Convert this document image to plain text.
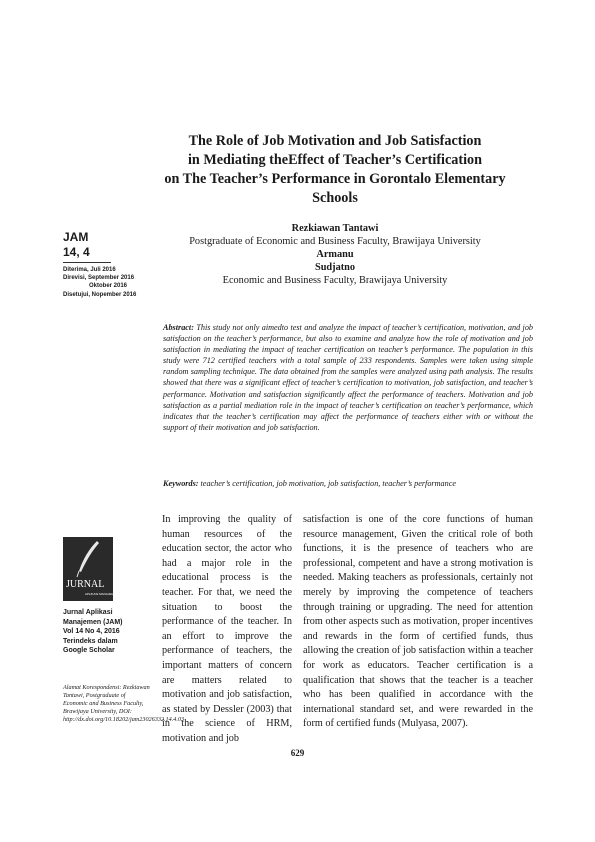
The Role of Job Motivation and Job Satisfaction
in Mediating theEffect of Teacher’s Certification
on The Teacher’s Performance in Gorontalo Elementary
Schools
JAM
14, 4
Diterima, Juli 2016
Direvisi, September 2016
Oktober 2016
Disetujui, Nopember 2016
Rezkiawan Tantawi
Postgraduate of Economic and Business Faculty, Brawijaya University
Armanu
Sudjatno
Economic and Business Faculty, Brawijaya University
Abstract: This study not only aimedto test and analyze the impact of teacher’s certification, motivation, and job satisfaction on the teacher’s performance, but also to examine and analyze how the role of motivation and job satisfaction in mediating the impact of teacher certification on teacher’s performance. The population in this study were 712 certified teachers with a total sample of 233 respondents. Samples were taken using simple random sampling technique. The data obtained from the samples were analyzed using path analysis. The results showed that there was a significant effect of teacher’s certification to motivation, job satisfaction, and teacher’s performance. Motivation and satisfaction significantly affect the performance of teachers. Motivation and job satisfaction as a partial mediation role in the impact of teacher’s certification on teacher’s performance, which indicates that the teacher’s certification may affect the performance of teachers either with or without the support of their motivation and job satisfaction.
Keywords: teacher’s certification, job motivation, job satisfaction, teacher’s performance
JURNAL
APLIKASI MANAJEMEN
Jurnal Aplikasi
Manajemen (JAM)
Vol 14 No 4, 2016
Terindeks dalam
Google Scholar
Alamat Korespondensi: Rezkiawan Tantawi, Postgraduate of Economic and Business Faculty, Brawijaya University, DOI: http://dx.doi.org/10.18202/jam23026332.14.4.03
In improving the quality of human resources of the education sector, the actor who had a major role in the educational process is the teacher. For that, we need the situation to boost the performance of the teacher. In an effort to improve the performance of teachers, the important matters of concern are matters related to motivation and job satisfaction, as stated by Dessler (2003) that in the science of HRM, motivation and job
satisfaction is one of the core functions of human resource management, Given the critical role of both functions, it is the presence of teachers who are professional, competent and have a strong motivation is needed. Making teachers as professionals, certainly not merely by improving the competence of teachers through training or upgrading. The need for attention from other aspects such as motivation, proper incentives and rewards in the form of certified funds, thus allowing the creation of job satisfaction within a teacher for work as educators. Teacher certification is a qualification that shows that the teacher is a teacher who has been qualified in accordance with the international standard set, and were rewarded in the form of certified funds (Mulyasa, 2007).
629
